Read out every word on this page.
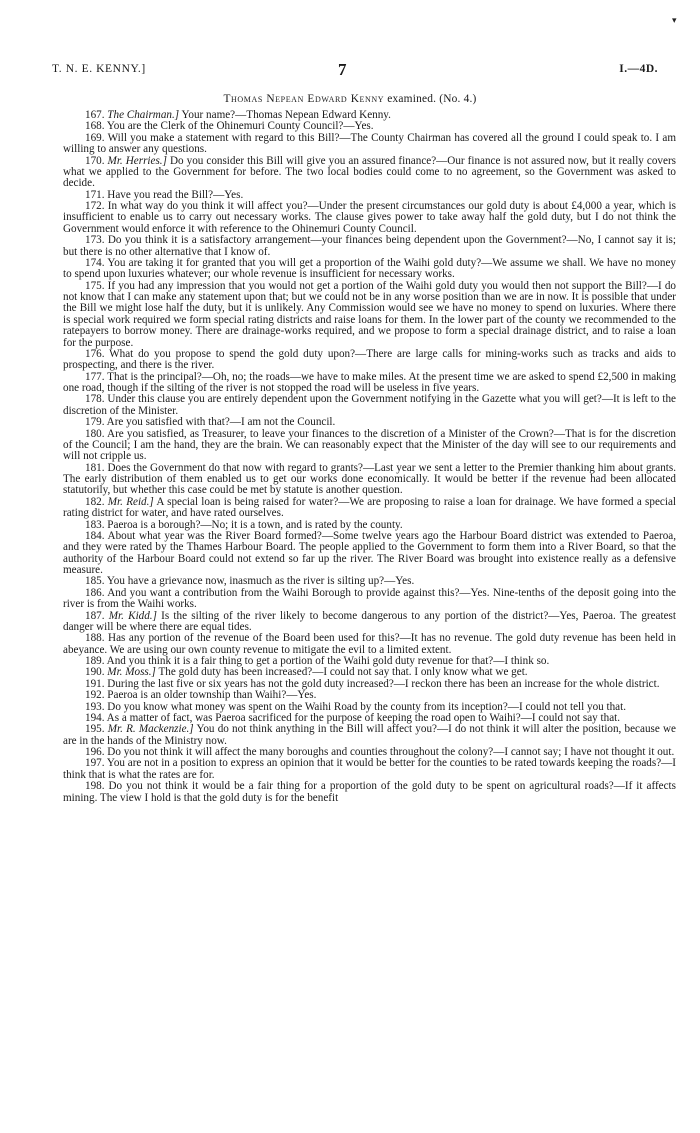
▾
T. N. E. KENNY.]	7	I.—4D.
Thomas Nepean Edward Kenny examined. (No. 4.)

167. The Chairman.] Your name?—Thomas Nepean Edward Kenny.

168. You are the Clerk of the Ohinemuri County Council?—Yes.

169. Will you make a statement with regard to this Bill?—The County Chairman has covered all the ground I could speak to. I am willing to answer any questions.

170. Mr. Herries.] Do you consider this Bill will give you an assured finance?—Our finance is not assured now, but it really covers what we applied to the Government for before. The two local bodies could come to no agreement, so the Government was asked to decide.

171. Have you read the Bill?—Yes.

172. In what way do you think it will affect you?—Under the present circumstances our gold duty is about £4,000 a year, which is insufficient to enable us to carry out necessary works. The clause gives power to take away half the gold duty, but I do not think the Government would enforce it with reference to the Ohinemuri County Council.

173. Do you think it is a satisfactory arrangement—your finances being dependent upon the Government?—No, I cannot say it is; but there is no other alternative that I know of.

174. You are taking it for granted that you will get a proportion of the Waihi gold duty?—We assume we shall. We have no money to spend upon luxuries whatever; our whole revenue is insufficient for necessary works.

175. If you had any impression that you would not get a portion of the Waihi gold duty you would then not support the Bill?—I do not know that I can make any statement upon that; but we could not be in any worse position than we are in now. It is possible that under the Bill we might lose half the duty, but it is unlikely. Any Commission would see we have no money to spend on luxuries. Where there is special work required we form special rating districts and raise loans for them. In the lower part of the county we recommended to the ratepayers to borrow money. There are drainage-works required, and we propose to form a special drainage district, and to raise a loan for the purpose.

176. What do you propose to spend the gold duty upon?—There are large calls for mining-works such as tracks and aids to prospecting, and there is the river.

177. That is the principal?—Oh, no; the roads—we have to make miles. At the present time we are asked to spend £2,500 in making one road, though if the silting of the river is not stopped the road will be useless in five years.

178. Under this clause you are entirely dependent upon the Government notifying in the Gazette what you will get?—It is left to the discretion of the Minister.

179. Are you satisfied with that?—I am not the Council.

180. Are you satisfied, as Treasurer, to leave your finances to the discretion of a Minister of the Crown?—That is for the discretion of the Council; I am the hand, they are the brain. We can reasonably expect that the Minister of the day will see to our requirements and will not cripple us.

181. Does the Government do that now with regard to grants?—Last year we sent a letter to the Premier thanking him about grants. The early distribution of them enabled us to get our works done economically. It would be better if the revenue had been allocated statutorily, but whether this case could be met by statute is another question.

182. Mr. Reid.] A special loan is being raised for water?—We are proposing to raise a loan for drainage. We have formed a special rating district for water, and have rated ourselves.

183. Paeroa is a borough?—No; it is a town, and is rated by the county.

184. About what year was the River Board formed?—Some twelve years ago the Harbour Board district was extended to Paeroa, and they were rated by the Thames Harbour Board. The people applied to the Government to form them into a River Board, so that the authority of the Harbour Board could not extend so far up the river. The River Board was brought into existence really as a defensive measure.

185. You have a grievance now, inasmuch as the river is silting up?—Yes.

186. And you want a contribution from the Waihi Borough to provide against this?—Yes. Nine-tenths of the deposit going into the river is from the Waihi works.

187. Mr. Kidd.] Is the silting of the river likely to become dangerous to any portion of the district?—Yes, Paeroa. The greatest danger will be where there are equal tides.

188. Has any portion of the revenue of the Board been used for this?—It has no revenue. The gold duty revenue has been held in abeyance. We are using our own county revenue to mitigate the evil to a limited extent.

189. And you think it is a fair thing to get a portion of the Waihi gold duty revenue for that?—I think so.

190. Mr. Moss.] The gold duty has been increased?—I could not say that. I only know what we get.

191. During the last five or six years has not the gold duty increased?—I reckon there has been an increase for the whole district.

192. Paeroa is an older township than Waihi?—Yes.

193. Do you know what money was spent on the Waihi Road by the county from its inception?—I could not tell you that.

194. As a matter of fact, was Paeroa sacrificed for the purpose of keeping the road open to Waihi?—I could not say that.

195. Mr. R. Mackenzie.] You do not think anything in the Bill will affect you?—I do not think it will alter the position, because we are in the hands of the Ministry now.

196. Do you not think it will affect the many boroughs and counties throughout the colony?—I cannot say; I have not thought it out.

197. You are not in a position to express an opinion that it would be better for the counties to be rated towards keeping the roads?—I think that is what the rates are for.

198. Do you not think it would be a fair thing for a proportion of the gold duty to be spent on agricultural roads?—If it affects mining. The view I hold is that the gold duty is for the benefit
